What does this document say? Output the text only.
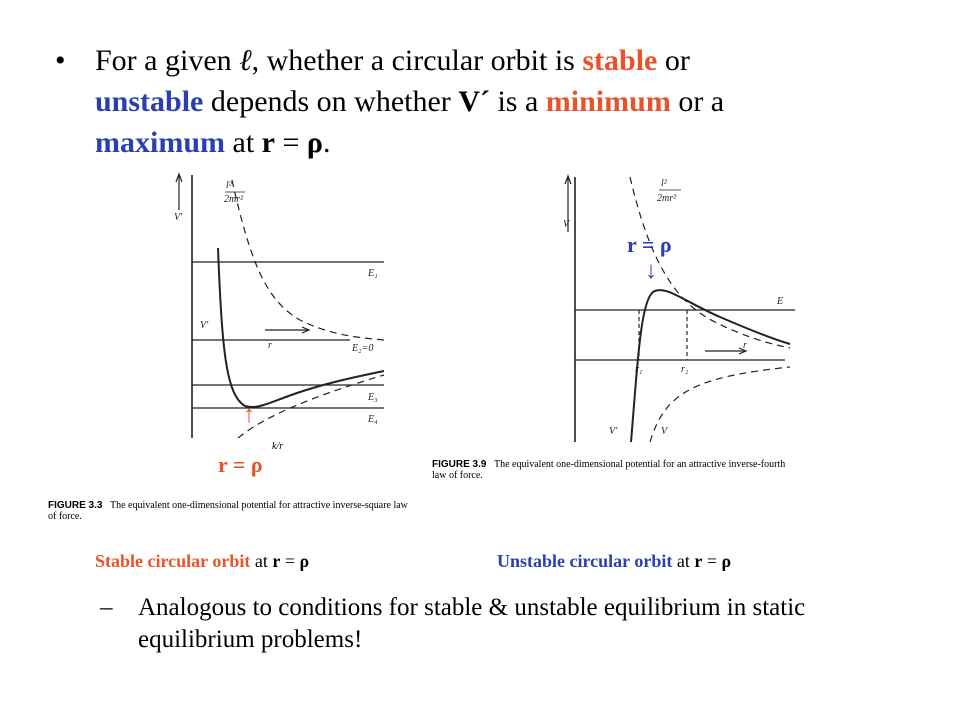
• For a given ℓ, whether a circular orbit is stable or
unstable depends on whether V´ is a minimum or a
maximum at r = ρ.
V'
l²
2mr²
E₁
E₂=0
E₃
E₄
V'
r
k/r
↑
r = ρ
FIGURE 3.3 The equivalent one-dimensional potential for attractive inverse-square law
of force.
V
l²
2mr²
E
r
r₁	r₂
V'	V
r = ρ
↓
FIGURE 3.9 The equivalent one-dimensional potential for an attractive inverse-fourth
law of force.
Stable circular orbit at r = ρ	Unstable circular orbit at r = ρ
– Analogous to conditions for stable & unstable equilibrium in static equilibrium problems!
